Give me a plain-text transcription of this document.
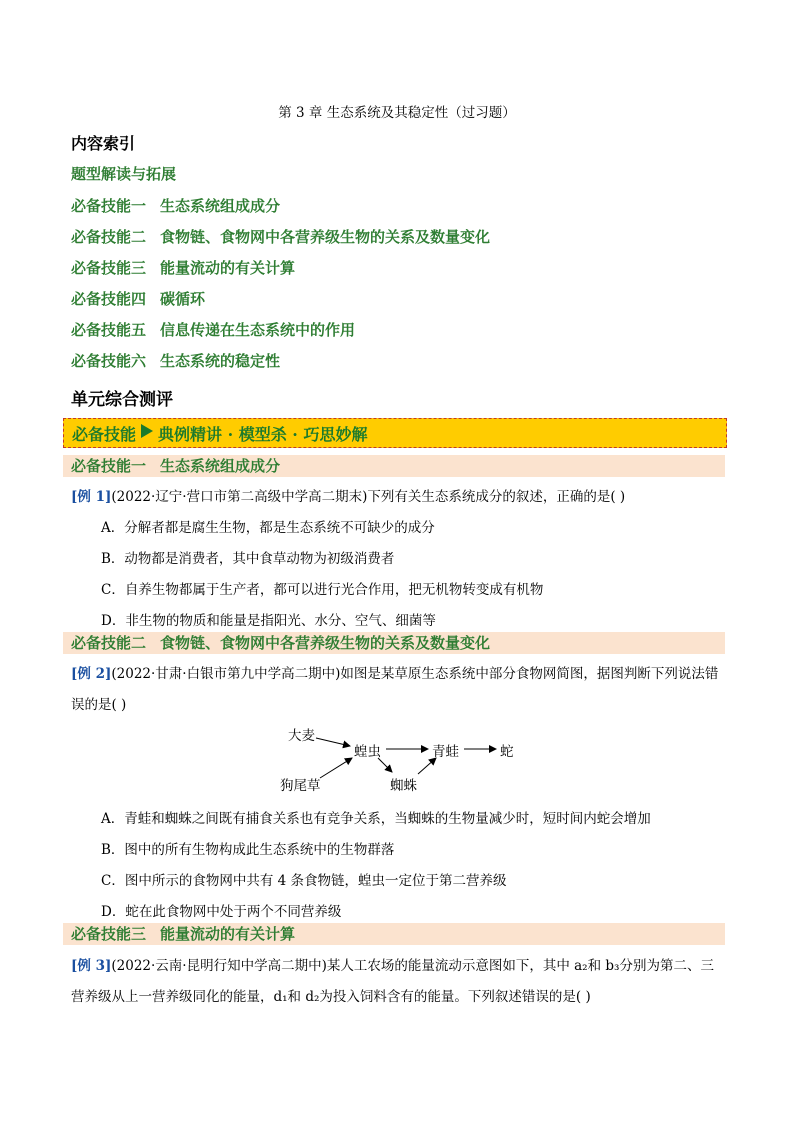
第 3 章 生态系统及其稳定性（过习题）
内容索引
题型解读与拓展
必备技能一 生态系统组成成分
必备技能二 食物链、食物网中各营养级生物的关系及数量变化
必备技能三 能量流动的有关计算
必备技能四 碳循环
必备技能五 信息传递在生态系统中的作用
必备技能六 生态系统的稳定性
单元综合测评
必备技能 典例精讲 · 模型杀 · 巧思妙解
必备技能一 生态系统组成成分
[例 1](2022·辽宁·营口市第二高级中学高二期末)下列有关生态系统成分的叙述，正确的是( )
A．分解者都是腐生生物，都是生态系统不可缺少的成分
B．动物都是消费者，其中食草动物为初级消费者
C．自养生物都属于生产者，都可以进行光合作用，把无机物转变成有机物
D．非生物的物质和能量是指阳光、水分、空气、细菌等
必备技能二 食物链、食物网中各营养级生物的关系及数量变化
[例 2](2022·甘肃·白银市第九中学高二期中)如图是某草原生态系统中部分食物网简图，据图判断下列说法错
误的是( )
大麦
狗尾草
蝗虫	青蛙	蛇
蜘蛛
A．青蛙和蜘蛛之间既有捕食关系也有竞争关系，当蜘蛛的生物量减少时，短时间内蛇会增加
B．图中的所有生物构成此生态系统中的生物群落
C．图中所示的食物网中共有 4 条食物链，蝗虫一定位于第二营养级
D．蛇在此食物网中处于两个不同营养级
必备技能三 能量流动的有关计算
[例 3](2022·云南·昆明行知中学高二期中)某人工农场的能量流动示意图如下，其中 a₂和 b₃分别为第二、三
营养级从上一营养级同化的能量，d₁和 d₂为投入饲料含有的能量。下列叙述错误的是( )
